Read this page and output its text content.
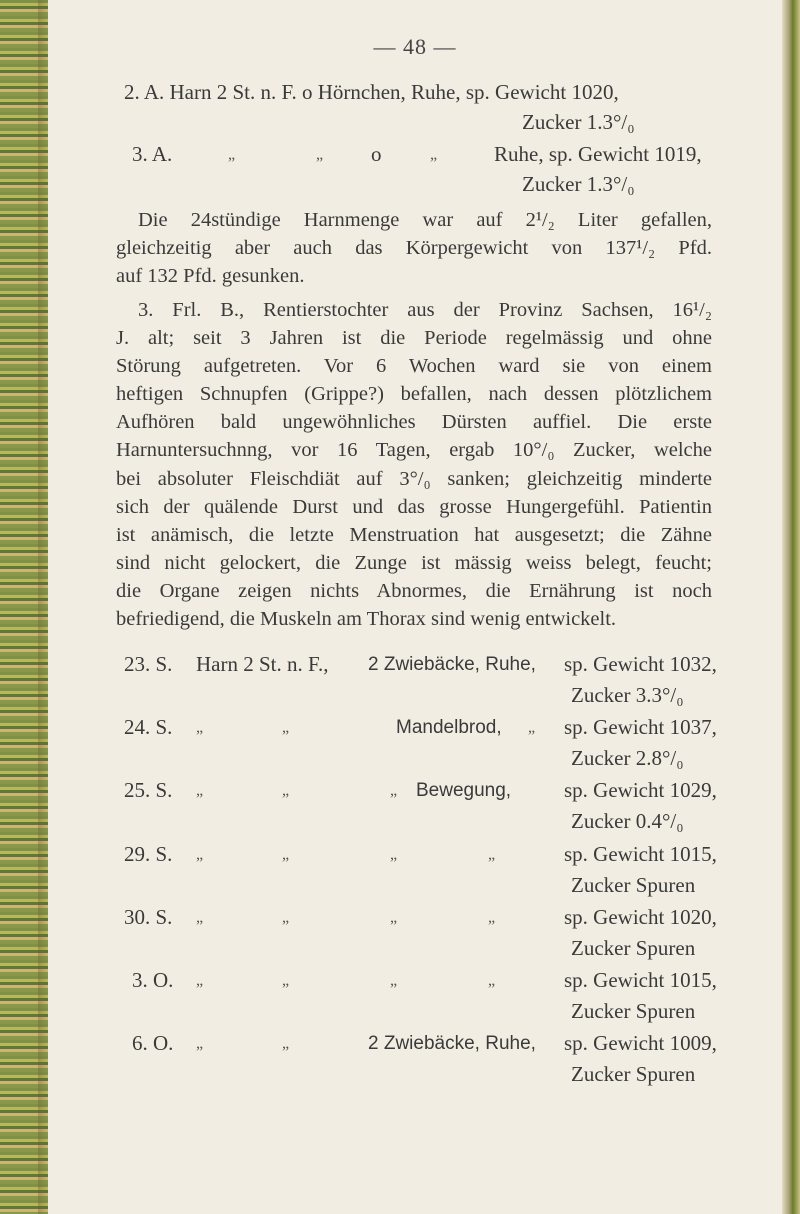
— 48 —
2. A. Harn 2 St. n. F. o Hörnchen, Ruhe, sp. Gewicht 1020,
Zucker 1.3°/₀
3. A.	„	„ o	„	Ruhe, sp. Gewicht 1019,
Zucker 1.3°/₀
Die 24stündige Harnmenge war auf 2¹/₂ Liter gefallen,
gleichzeitig aber auch das Körpergewicht von 137¹/₂ Pfd.
auf 132 Pfd. gesunken.
3. Frl. B., Rentierstochter aus der Provinz Sachsen, 16¹/₂
J. alt; seit 3 Jahren ist die Periode regelmässig und ohne
Störung aufgetreten. Vor 6 Wochen ward sie von einem
heftigen Schnupfen (Grippe?) befallen, nach dessen plötzlichem
Aufhören bald ungewöhnliches Dürsten auffiel. Die erste
Harnuntersuchnng, vor 16 Tagen, ergab 10°/₀ Zucker, welche
bei absoluter Fleischdiät auf 3°/₀ sanken; gleichzeitig minderte
sich der quälende Durst und das grosse Hungergefühl. Patientin
ist anämisch, die letzte Menstruation hat ausgesetzt; die Zähne
sind nicht gelockert, die Zunge ist mässig weiss belegt, feucht;
die Organe zeigen nichts Abnormes, die Ernährung ist noch
befriedigend, die Muskeln am Thorax sind wenig entwickelt.
23. S. Harn 2 St. n. F., 2 Zwiebäcke, Ruhe, sp. Gewicht 1032,
Zucker 3.3°/₀
24. S. „	„	Mandelbrod, „ sp. Gewicht 1037,
Zucker 2.8°/₀
25. S. „	„	„ Bewegung,	sp. Gewicht 1029,
Zucker 0.4°/₀
29. S. „	„	„	„	sp. Gewicht 1015,
Zucker Spuren
30. S. „	„	„	„	sp. Gewicht 1020,
Zucker Spuren
3. O. „	„	„	„	sp. Gewicht 1015,
Zucker Spuren
6. O. „	„	2 Zwiebäcke, Ruhe, sp. Gewicht 1009,
Zucker Spuren
